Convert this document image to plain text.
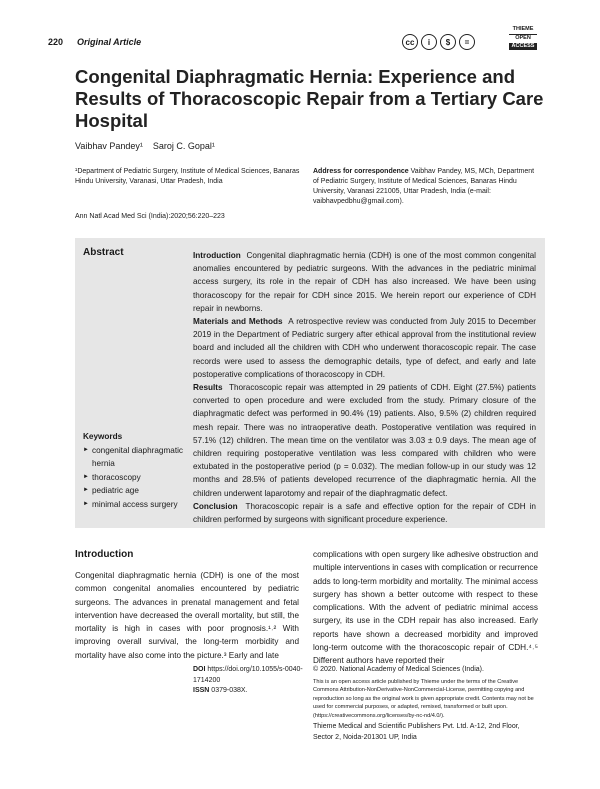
220 Original Article	cc	i	$	=
THIEME
OPEN
ACCESS
Congenital Diaphragmatic Hernia: Experience and Results of Thoracoscopic Repair from a Tertiary Care Hospital
Vaibhav Pandey¹    Saroj C. Gopal¹
¹Department of Pediatric Surgery, Institute of Medical Sciences, Banaras Hindu University, Varanasi, Uttar Pradesh, India
Address for correspondence Vaibhav Pandey, MS, MCh, Department of Pediatric Surgery, Institute of Medical Sciences, Banaras Hindu University, Varanasi 221005, Uttar Pradesh, India (e-mail: vaibhavpedbhu@gmail.com).
Ann Natl Acad Med Sci (India):2020;56:220–223
Abstract	Introduction Congenital diaphragmatic hernia (CDH) is one of the most common congenital anomalies encountered by pediatric surgeons. With the advances in the pediatric minimal access surgery, its role in the repair of CDH has also increased. We have been using thoracoscopy for the repair for CDH since 2015. We herein report our experience of CDH repair in newborns.

Materials and Methods A retrospective review was conducted from July 2015 to December 2019 in the Department of Pediatric surgery after ethical approval from the institutional review board and included all the children with CDH who underwent thoracoscopic repair. The case records were used to assess the demographic details, type of defect, and early and late postoperative complications of thoracoscopy in CDH.

Results Thoracoscopic repair was attempted in 29 patients of CDH. Eight (27.5%) patients converted to open procedure and were excluded from the study. Primary closure of the diaphragmatic defect was performed in 90.4% (19) patients. Also, 9.5% (2) children required mesh repair. There was no intraoperative death. Postoperative ventilation was required in 57.1% (12) children. The mean time on the ventilator was 3.03 ± 0.9 days. The mean age of children requiring postoperative ventilation was less compared with children who were extubated in the postoperative period (p = 0.032). The median follow-up in our study was 12 months and 28.5% of patients developed recurrence of the diaphragmatic hernia. All the children underwent laparotomy and repair of the diaphragmatic defect.

Conclusion Thoracoscopic repair is a safe and effective option for the repair of CDH in children performed by surgeons with significant procedure experience.

Keywords
► congenital diaphragmatic hernia
► thoracoscopy
► pediatric age
► minimal access surgery
Introduction
Congenital diaphragmatic hernia (CDH) is one of the most common congenital anomalies encountered by pediatric surgeons. The advances in prenatal management and fetal intervention have decreased the overall mortality, but still, the mortality is high in cases with poor prognosis.¹˒² With improving overall survival, the long-term morbidity and mortality have also come into the picture.³ Early and late
complications with open surgery like adhesive obstruction and multiple interventions in cases with complication or recurrence adds to long-term morbidity and mortality. The minimal access surgery has shown a better outcome with respect to these complications. With the advent of pediatric minimal access surgery, its use in the CDH repair has also increased. Early reports have shown a decreased morbidity and improved long-term outcome with the thoracoscopic repair of CDH.⁴˒⁵ Different authors have reported their
DOI https://doi.org/10.1055/s-0040-1714200
ISSN 0379-038X.
© 2020. National Academy of Medical Sciences (India).
This is an open access article published by Thieme under the terms of the Creative Commons Attribution-NonDerivative-NonCommercial-License, permitting copying and reproduction so long as the original work is given appropriate credit. Contents may not be used for commercial purposes, or adapted, remixed, transformed or built upon. (https://creativecommons.org/licenses/by-nc-nd/4.0/).
Thieme Medical and Scientific Publishers Pvt. Ltd. A-12, 2nd Floor, Sector 2, Noida-201301 UP, India
